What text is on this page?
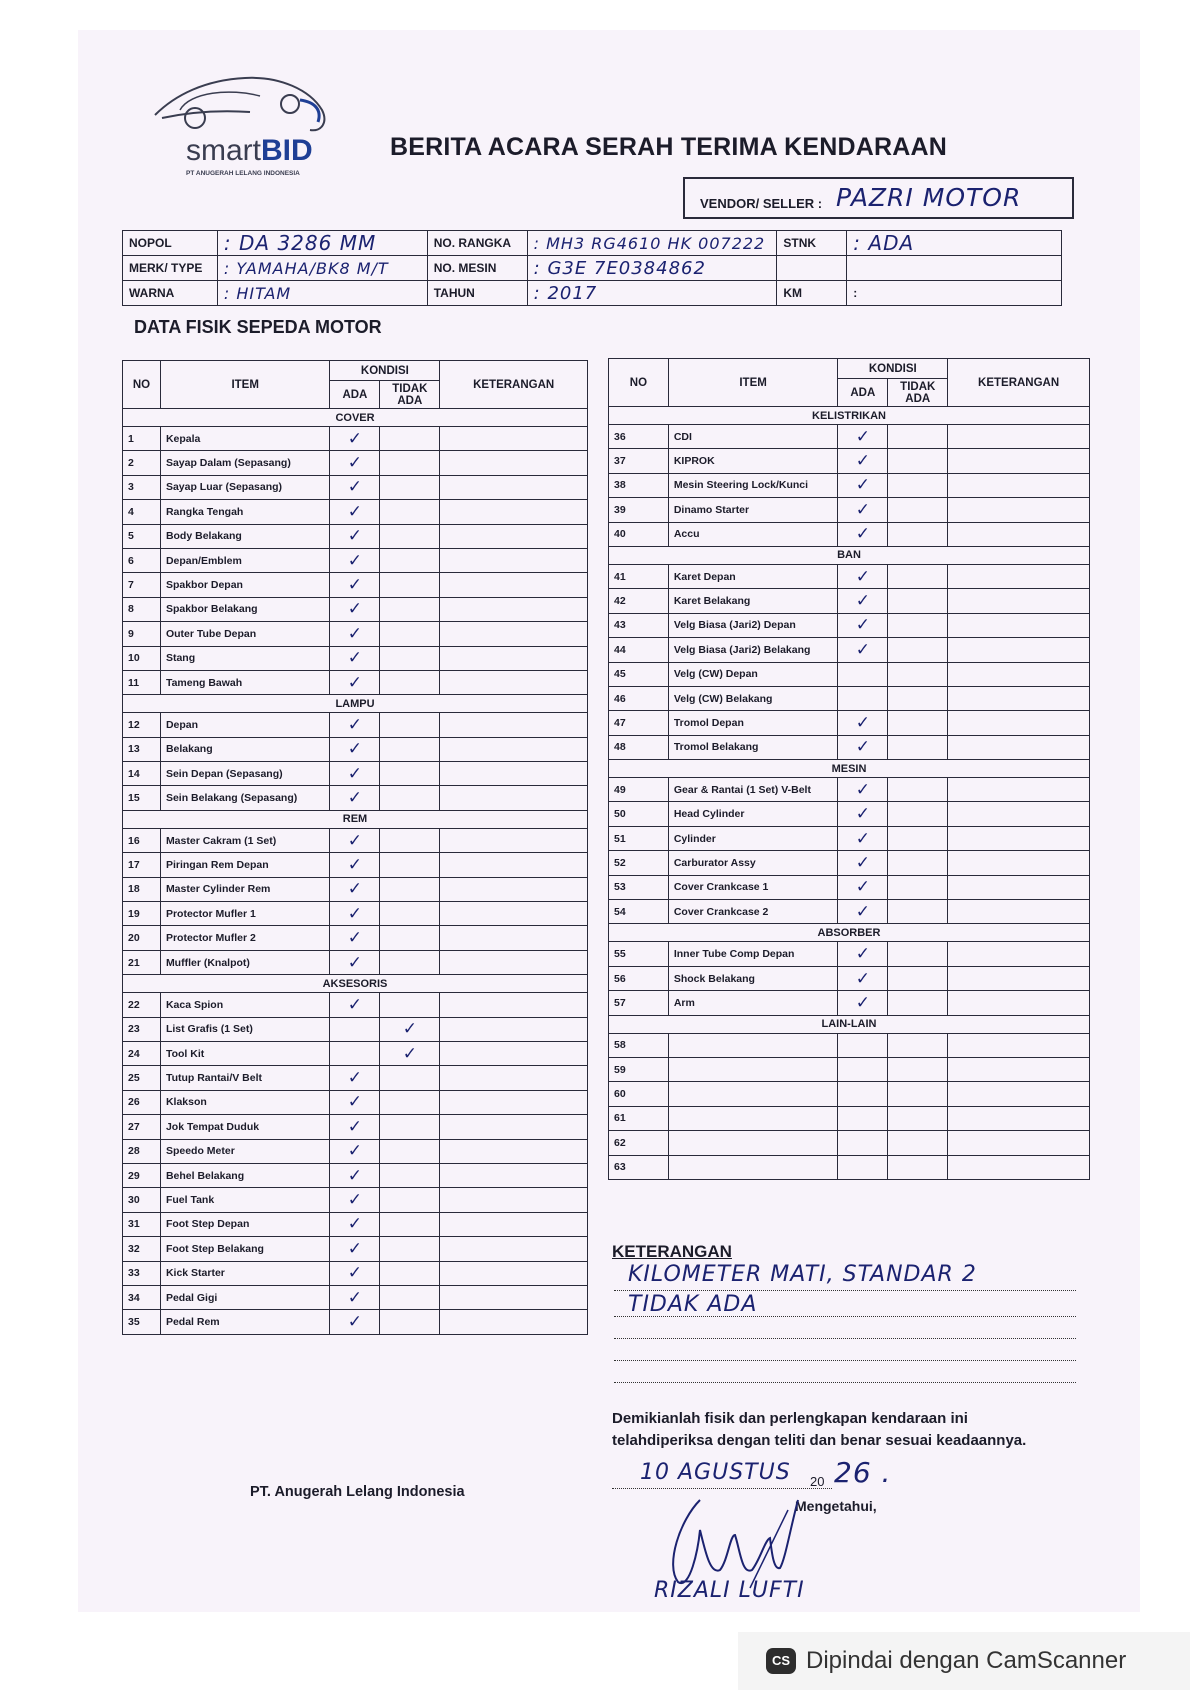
smartBID
PT ANUGERAH LELANG INDONESIA
BERITA ACARA SERAH TERIMA KENDARAAN
VENDOR/ SELLER : PAZRI MOTOR
NOPOL	: DA 3286 MM	NO. RANGKA	: MH3 RG4610 HK 007222	STNK	: ADA
MERK/ TYPE	: YAMAHA/BK8 M/T	NO. MESIN	: G3E 7E0384862		
WARNA	: HITAM	TAHUN	: 2017	KM	:
DATA FISIK SEPEDA MOTOR
NO	ITEM	KONDISI		KETERANGAN
		ADA	TIDAK ADA	
COVER				
1	Kepala	✓		
2	Sayap Dalam (Sepasang)	✓		
3	Sayap Luar (Sepasang)	✓		
4	Rangka Tengah	✓		
5	Body Belakang	✓		
6	Depan/Emblem	✓		
7	Spakbor Depan	✓		
8	Spakbor Belakang	✓		
9	Outer Tube Depan	✓		
10	Stang	✓		
11	Tameng Bawah	✓		
LAMPU				
12	Depan	✓		
13	Belakang	✓		
14	Sein Depan (Sepasang)	✓		
15	Sein Belakang (Sepasang)	✓		
REM				
16	Master Cakram (1 Set)	✓		
17	Piringan Rem Depan	✓		
18	Master Cylinder Rem	✓		
19	Protector Mufler 1	✓		
20	Protector Mufler 2	✓		
21	Muffler (Knalpot)	✓		
AKSESORIS				
22	Kaca Spion	✓		
23	List Grafis (1 Set)		✓	
24	Tool Kit		✓	
25	Tutup Rantai/V Belt	✓		
26	Klakson	✓		
27	Jok Tempat Duduk	✓		
28	Speedo Meter	✓		
29	Behel Belakang	✓		
30	Fuel Tank	✓		
31	Foot Step Depan	✓		
32	Foot Step Belakang	✓		
33	Kick Starter	✓		
34	Pedal Gigi	✓		
35	Pedal Rem	✓		
NO	ITEM	KONDISI		KETERANGAN
		ADA	TIDAK ADA	
KELISTRIKAN				
36	CDI	✓		
37	KIPROK	✓		
38	Mesin Steering Lock/Kunci	✓		
39	Dinamo Starter	✓		
40	Accu	✓		
BAN				
41	Karet Depan	✓		
42	Karet Belakang	✓		
43	Velg Biasa (Jari2) Depan	✓		
44	Velg Biasa (Jari2) Belakang	✓		
45	Velg (CW) Depan			
46	Velg (CW) Belakang			
47	Tromol Depan	✓		
48	Tromol Belakang	✓		
MESIN				
49	Gear & Rantai (1 Set) V-Belt	✓		
50	Head Cylinder	✓		
51	Cylinder	✓		
52	Carburator Assy	✓		
53	Cover Crankcase 1	✓		
54	Cover Crankcase 2	✓		
ABSORBER				
55	Inner Tube Comp Depan	✓		
56	Shock Belakang	✓		
57	Arm	✓		
LAIN-LAIN				
58				
59				
60				
61				
62				
63				
KETERANGAN
KILOMETER MATI, STANDAR 2
TIDAK ADA
Demikianlah fisik dan perlengkapan kendaraan ini
telahdiperiksa dengan teliti dan benar sesuai keadaannya.
10 AGUSTUS 20 26 .
Mengetahui,
PT. Anugerah Lelang Indonesia
RIZALI LUFTI
CS Dipindai dengan CamScanner
